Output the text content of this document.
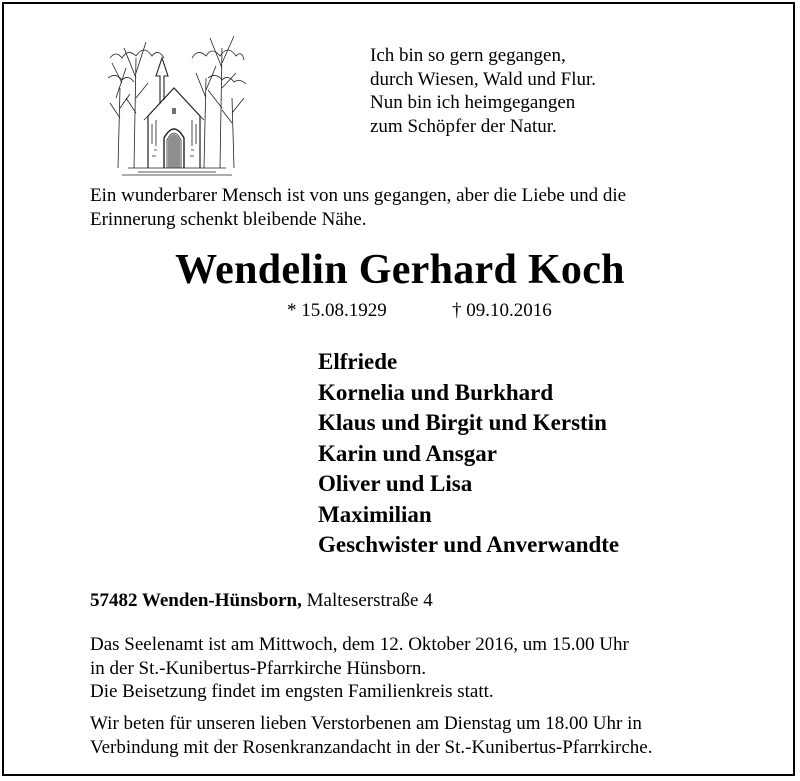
Ich bin so gern gegangen,
durch Wiesen, Wald und Flur.
Nun bin ich heimgegangen
zum Schöpfer der Natur.
Ein wunderbarer Mensch ist von uns gegangen, aber die Liebe und die
Erinnerung schenkt bleibende Nähe.
Wendelin Gerhard Koch
* 15.08.1929	† 09.10.2016
Elfriede
Kornelia und Burkhard
Klaus und Birgit und Kerstin
Karin und Ansgar
Oliver und Lisa
Maximilian
Geschwister und Anverwandte
57482 Wenden-Hünsborn, Malteserstraße 4
Das Seelenamt ist am Mittwoch, dem 12. Oktober 2016, um 15.00 Uhr
in der St.-Kunibertus-Pfarrkirche Hünsborn.
Die Beisetzung findet im engsten Familienkreis statt.
Wir beten für unseren lieben Verstorbenen am Dienstag um 18.00 Uhr in
Verbindung mit der Rosenkranzandacht in der St.-Kunibertus-Pfarrkirche.
